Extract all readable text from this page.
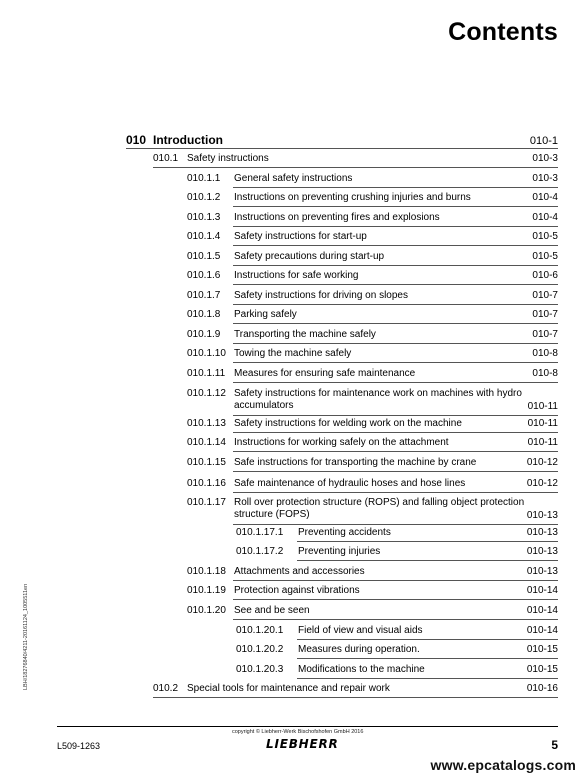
Contents
010 Introduction	010-1
010.1 Safety instructions	010-3
010.1.1 General safety instructions	010-3
010.1.2 Instructions on preventing crushing injuries and burns	010-4
010.1.3 Instructions on preventing fires and explosions	010-4
010.1.4 Safety instructions for start-up	010-5
010.1.5 Safety precautions during start-up	010-5
010.1.6 Instructions for safe working	010-6
010.1.7 Safety instructions for driving on slopes	010-7
010.1.8 Parking safely	010-7
010.1.9 Transporting the machine safely	010-7
010.1.10 Towing the machine safely	010-8
010.1.11 Measures for ensuring safe maintenance	010-8
010.1.12 Safety instructions for maintenance work on machines with hydro
accumulators	010-11
010.1.13 Safety instructions for welding work on the machine	010-11
010.1.14 Instructions for working safely on the attachment	010-11
010.1.15 Safe instructions for transporting the machine by crane	010-12
010.1.16 Safe maintenance of hydraulic hoses and hose lines	010-12
010.1.17 Roll over protection structure (ROPS) and falling object protection
structure (FOPS)	010-13
010.1.17.1 Preventing accidents	010-13
010.1.17.2 Preventing injuries	010-13
010.1.18 Attachments and accessories	010-13
010.1.19 Protection against vibrations	010-14
010.1.20 See and be seen	010-14
010.1.20.1 Field of view and visual aids	010-14
010.1.20.2 Measures during operation.	010-15
010.1.20.3 Modifications to the machine	010-15
010.2 Special tools for maintenance and repair work	010-16
LBH/18276840/4211-20161124_1005511en
copyright © Liebherr-Werk Bischofshofen GmbH 2016
LIEBHERR
L509-1263	5
www.epcatalogs.com
